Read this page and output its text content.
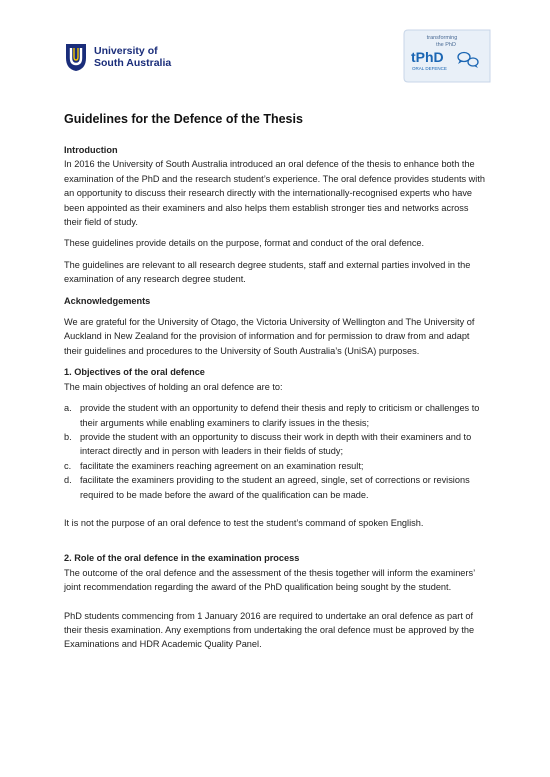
University of
South Australia
transforming
the PhD
tPhD
ORAL DEFENCE
Guidelines for the Defence of the Thesis

Introduction

In 2016 the University of South Australia introduced an oral defence of the thesis to enhance both the examination of the PhD and the research student’s experience. The oral defence provides students with an opportunity to discuss their research directly with the internationally-recognised experts who have been appointed as their examiners and also helps them establish stronger ties and networks across their field of study.

These guidelines provide details on the purpose, format and conduct of the oral defence.

The guidelines are relevant to all research degree students, staff and external parties involved in the examination of any research degree student.

Acknowledgements

We are grateful for the University of Otago, the Victoria University of Wellington and The University of Auckland in New Zealand for the provision of information and for permission to draw from and adapt their guidelines and procedures to the University of South Australia’s (UniSA) purposes.

1. Objectives of the oral defence

The main objectives of holding an oral defence are to:

a. provide the student with an opportunity to defend their thesis and reply to criticism or challenges to their arguments while enabling examiners to clarify issues in the thesis;
b. provide the student with an opportunity to discuss their work in depth with their examiners and to interact directly and in person with leaders in their fields of study;
c. facilitate the examiners reaching agreement on an examination result;
d. facilitate the examiners providing to the student an agreed, single, set of corrections or revisions required to be made before the award of the qualification can be made.

It is not the purpose of an oral defence to test the student’s command of spoken English.

2. Role of the oral defence in the examination process

The outcome of the oral defence and the assessment of the thesis together will inform the examiners’ joint recommendation regarding the award of the PhD qualification being sought by the student.

PhD students commencing from 1 January 2016 are required to undertake an oral defence as part of their thesis examination. Any exemptions from undertaking the oral defence must be approved by the Examinations and HDR Academic Quality Panel.
